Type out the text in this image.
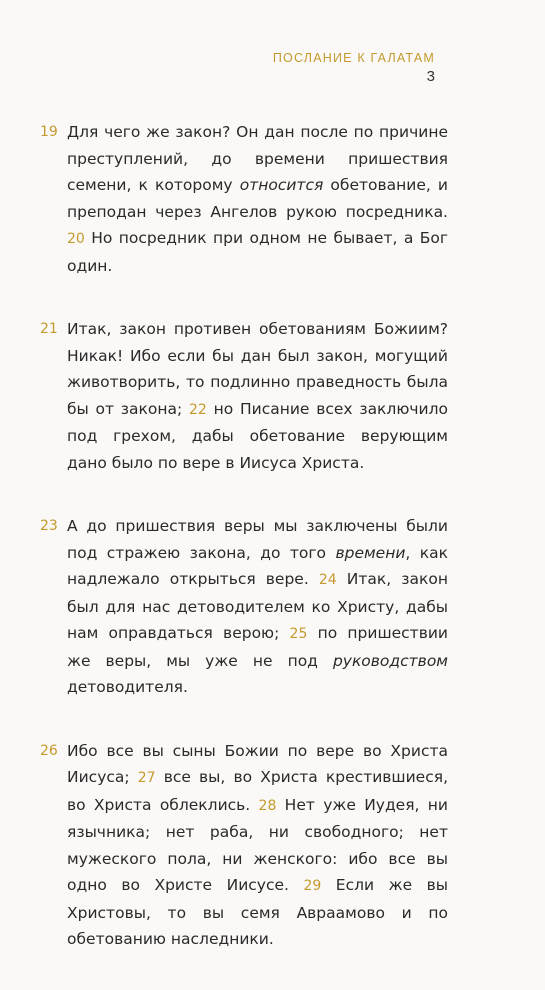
ПОСЛАНИЕ К ГАЛАТАМ
3

19 Для чего же закон? Он дан после по причине преступлений, до времени пришествия семени, к которому относится обетование, и преподан через Ангелов рукою посредника. 20 Но посредник при одном не бывает, а Бог один.

21 Итак, закон противен обетованиям Божиим? Никак! Ибо если бы дан был закон, могущий животворить, то подлинно праведность была бы от закона; 22 но Писание всех заключило под грехом, дабы обетование верующим дано было по вере в Иисуса Христа.

23 А до пришествия веры мы заключены были под стражею закона, до того времени, как надлежало открыться вере. 24 Итак, закон был для нас детоводителем ко Христу, дабы нам оправдаться верою; 25 по пришествии же веры, мы уже не под руководством детоводителя.

26 Ибо все вы сыны Божии по вере во Христа Иисуса; 27 все вы, во Христа крестившиеся, во Христа облеклись. 28 Нет уже Иудея, ни язычника; нет раба, ни свободного; нет мужеского пола, ни женского: ибо все вы одно во Христе Иисусе. 29 Если же вы Христовы, то вы семя Авраамово и по обетованию наследники.
